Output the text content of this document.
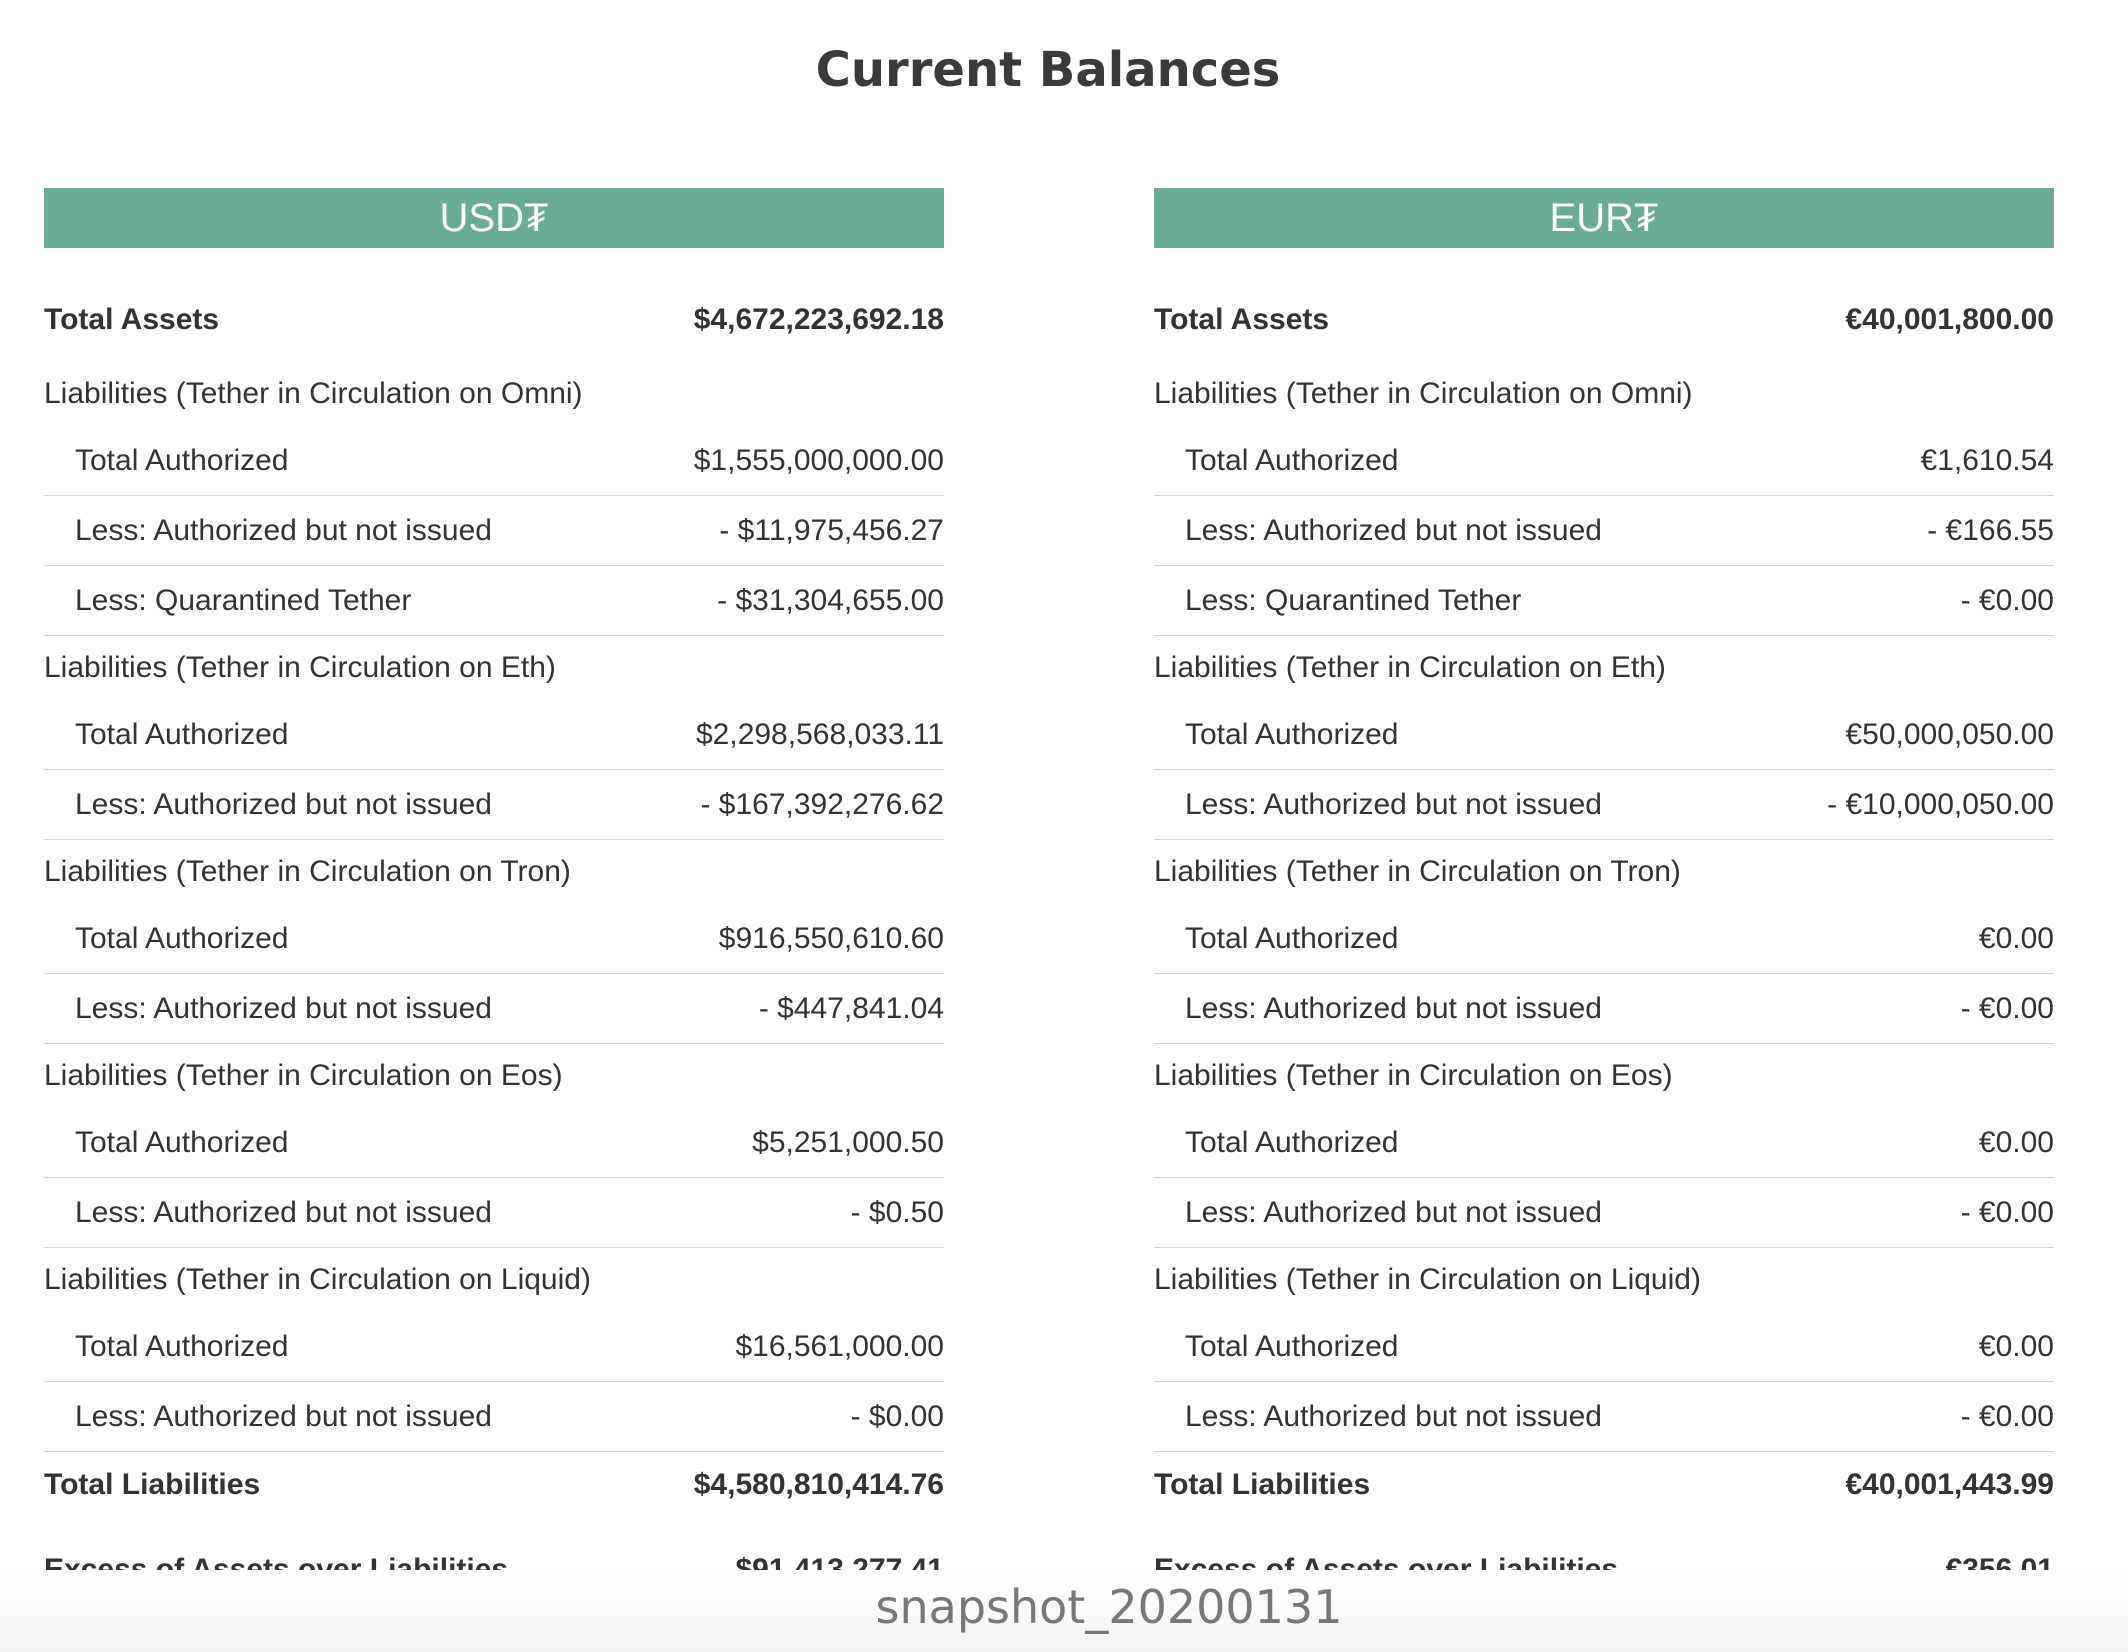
Current Balances
USD₮
Total Assets	$4,672,223,692.18
Liabilities (Tether in Circulation on Omni)
Total Authorized	$1,555,000,000.00
Less: Authorized but not issued	- $11,975,456.27
Less: Quarantined Tether	- $31,304,655.00
Liabilities (Tether in Circulation on Eth)
Total Authorized	$2,298,568,033.11
Less: Authorized but not issued	- $167,392,276.62
Liabilities (Tether in Circulation on Tron)
Total Authorized	$916,550,610.60
Less: Authorized but not issued	- $447,841.04
Liabilities (Tether in Circulation on Eos)
Total Authorized	$5,251,000.50
Less: Authorized but not issued	- $0.50
Liabilities (Tether in Circulation on Liquid)
Total Authorized	$16,561,000.00
Less: Authorized but not issued	- $0.00
Total Liabilities	$4,580,810,414.76
EUR₮
Total Assets	€40,001,800.00
Liabilities (Tether in Circulation on Omni)
Total Authorized	€1,610.54
Less: Authorized but not issued	- €166.55
Less: Quarantined Tether	- €0.00
Liabilities (Tether in Circulation on Eth)
Total Authorized	€50,000,050.00
Less: Authorized but not issued	- €10,000,050.00
Liabilities (Tether in Circulation on Tron)
Total Authorized	€0.00
Less: Authorized but not issued	- €0.00
Liabilities (Tether in Circulation on Eos)
Total Authorized	€0.00
Less: Authorized but not issued	- €0.00
Liabilities (Tether in Circulation on Liquid)
Total Authorized	€0.00
Less: Authorized but not issued	- €0.00
Total Liabilities	€40,001,443.99
snapshot_20200131
